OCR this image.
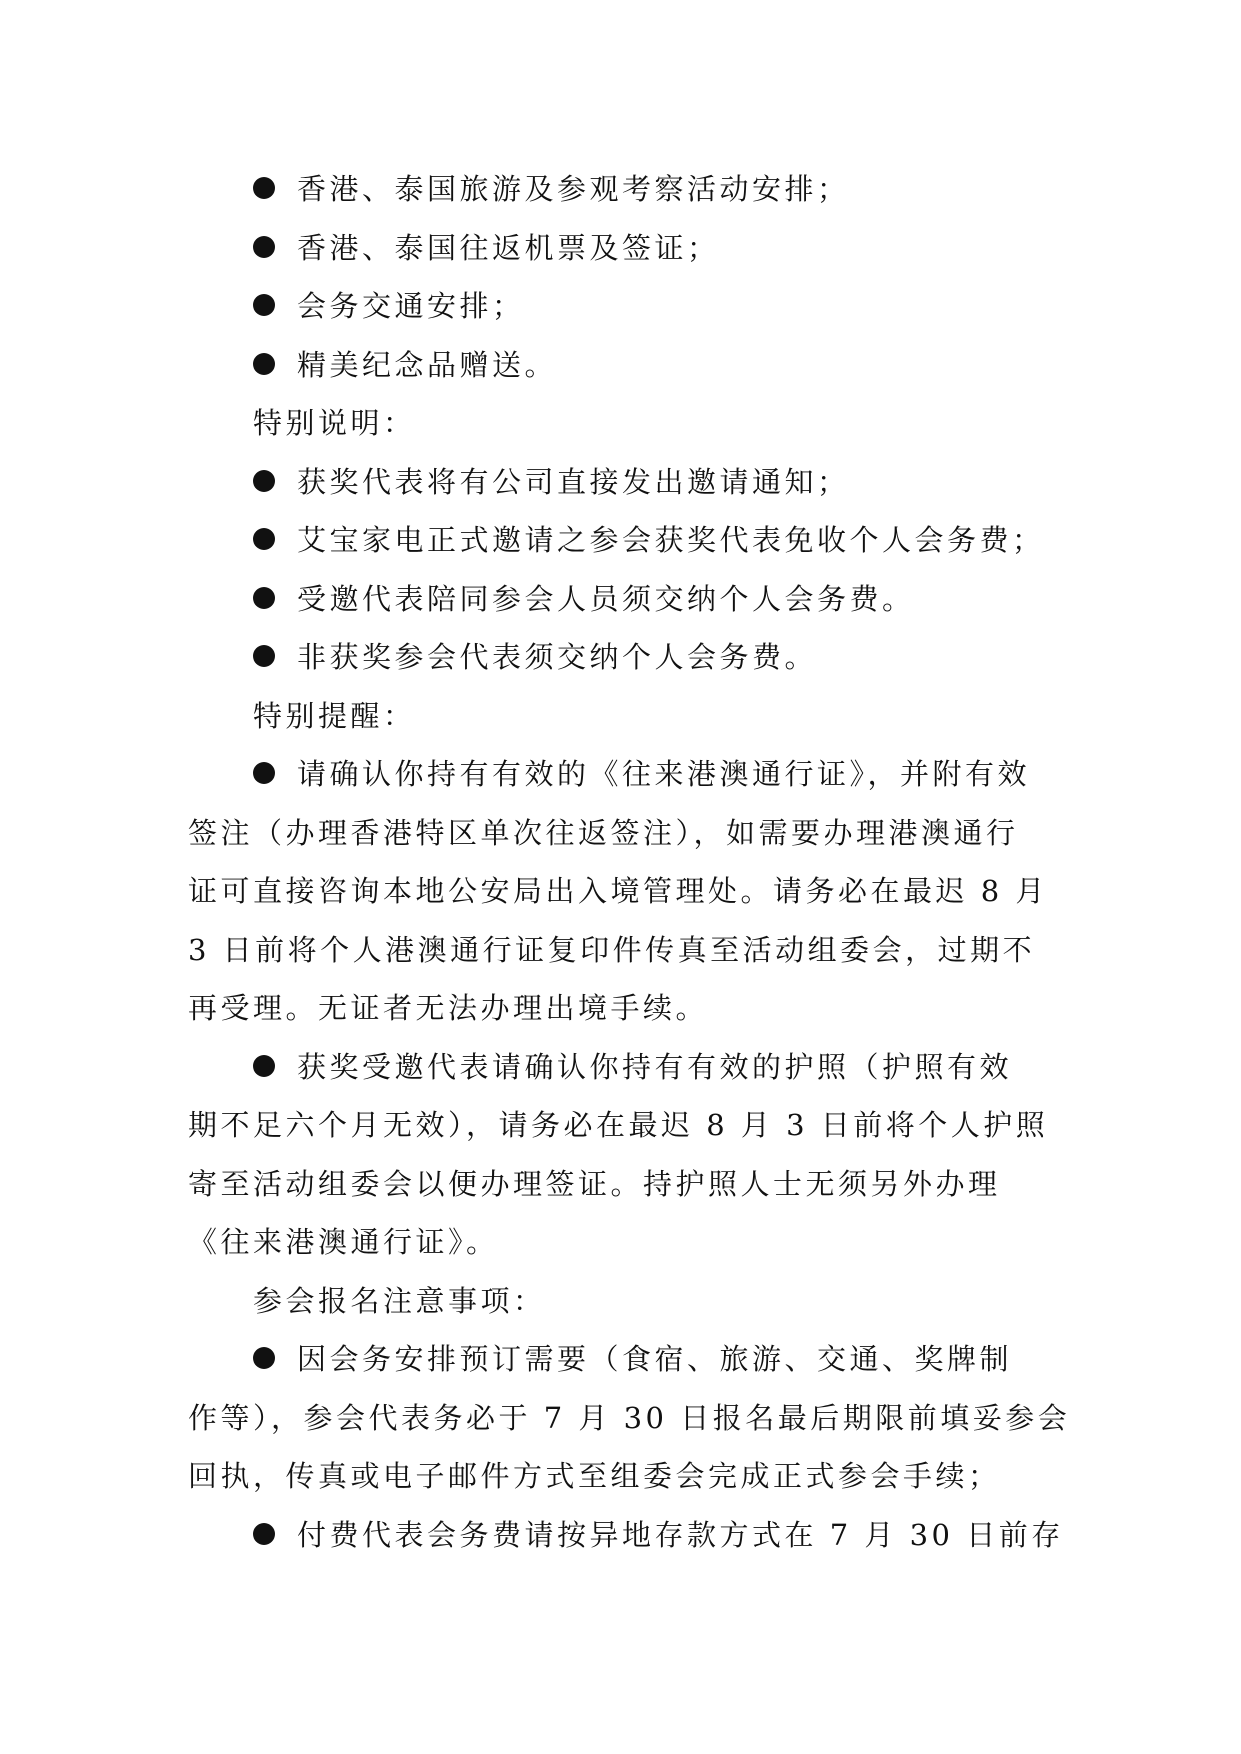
香港、泰国旅游及参观考察活动安排；
香港、泰国往返机票及签证；
会务交通安排；
精美纪念品赠送。
特别说明：
获奖代表将有公司直接发出邀请通知；
艾宝家电正式邀请之参会获奖代表免收个人会务费；
受邀代表陪同参会人员须交纳个人会务费。
非获奖参会代表须交纳个人会务费。
特别提醒：
请确认你持有有效的《往来港澳通行证》，并附有效
签注（办理香港特区单次往返签注），如需要办理港澳通行
证可直接咨询本地公安局出入境管理处。请务必在最迟 8 月
3 日前将个人港澳通行证复印件传真至活动组委会，过期不
再受理。无证者无法办理出境手续。
获奖受邀代表请确认你持有有效的护照（护照有效
期不足六个月无效），请务必在最迟 8 月 3 日前将个人护照
寄至活动组委会以便办理签证。持护照人士无须另外办理
《往来港澳通行证》。
参会报名注意事项：
因会务安排预订需要（食宿、旅游、交通、奖牌制
作等），参会代表务必于 7 月 30 日报名最后期限前填妥参会
回执，传真或电子邮件方式至组委会完成正式参会手续；
付费代表会务费请按异地存款方式在 7 月 30 日前存
